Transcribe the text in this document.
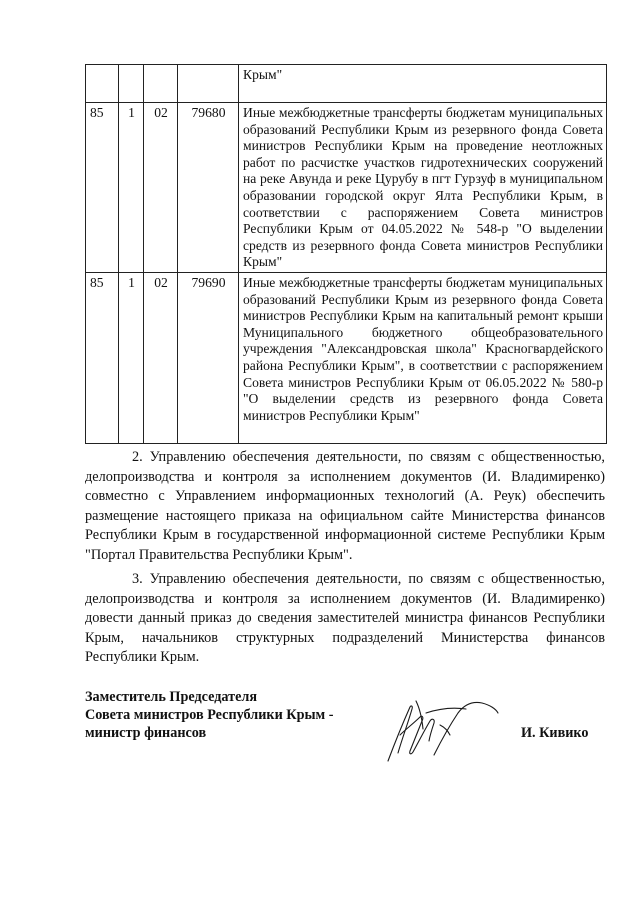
				Крым"
85	1	02	79680	Иные межбюджетные трансферты бюджетам муниципальных образований Республики Крым из резервного фонда Совета министров Республики Крым на проведение неотложных работ по расчистке участков гидротехнических сооружений на реке Авунда и реке Цурубу в пгт Гурзуф в муниципальном образовании городской округ Ялта Республики Крым, в соответствии с распоряжением Совета министров Республики Крым от 04.05.2022 № 548-р "О выделении средств из резервного фонда Совета министров Республики Крым"
85	1	02	79690	Иные межбюджетные трансферты бюджетам муниципальных образований Республики Крым из резервного фонда Совета министров Республики Крым на капитальный ремонт крыши Муниципального бюджетного общеобразовательного учреждения "Александровская школа" Красногвардейского района Республики Крым", в соответствии с распоряжением Совета министров Республики Крым от 06.05.2022 № 580-р "О выделении средств из резервного фонда Совета министров Республики Крым"
2. Управлению обеспечения деятельности, по связям с общественностью, делопроизводства и контроля за исполнением документов (И. Владимиренко) совместно с Управлением информационных технологий (А. Реук) обеспечить размещение настоящего приказа на официальном сайте Министерства финансов Республики Крым в государственной информационной системе Республики Крым "Портал Правительства Республики Крым".
3. Управлению обеспечения деятельности, по связям с общественностью, делопроизводства и контроля за исполнением документов (И. Владимиренко) довести данный приказ до сведения заместителей министра финансов Республики Крым, начальников структурных подразделений Министерства финансов Республики Крым.
Заместитель Председателя
Совета министров Республики Крым -
министр финансов	И. Кивико
